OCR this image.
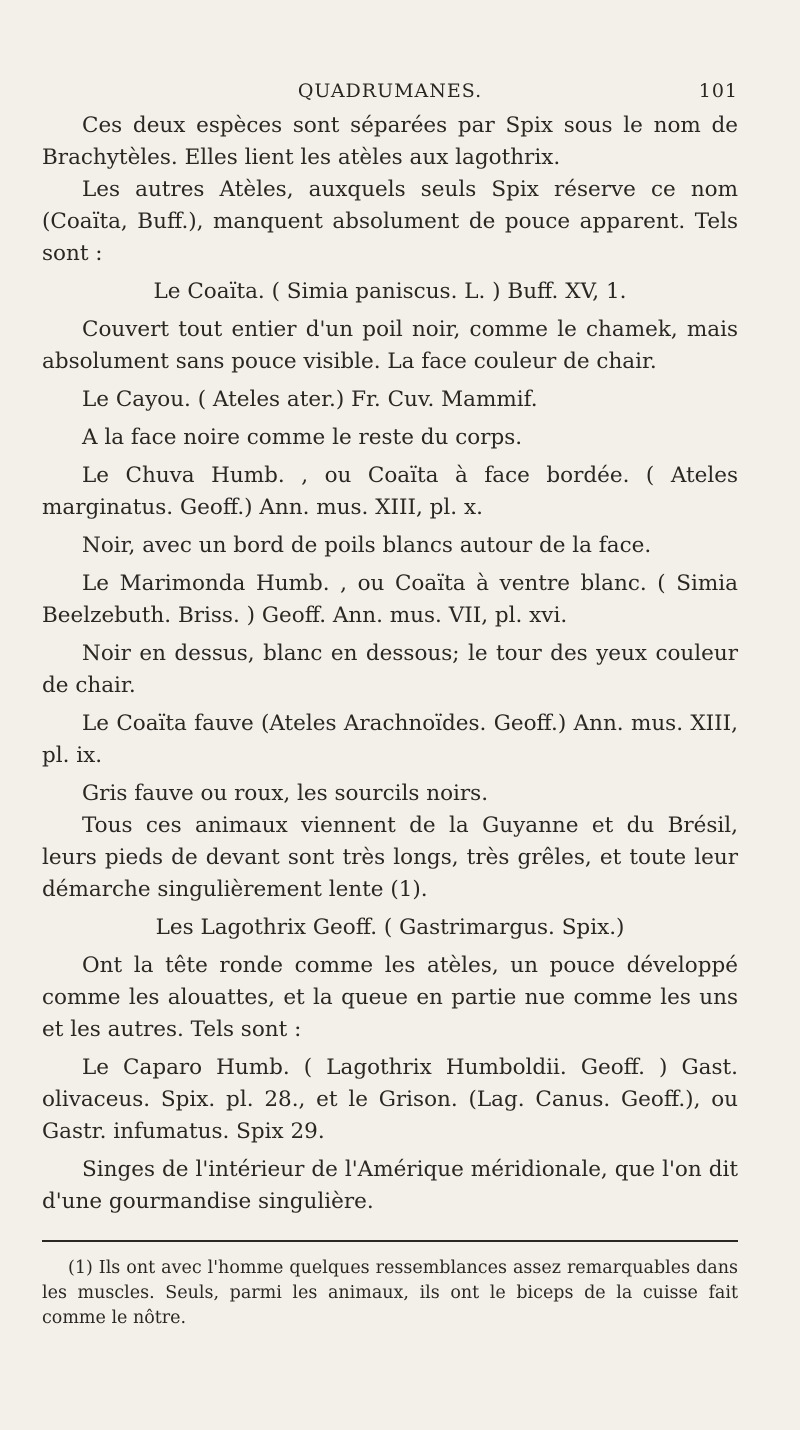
QUADRUMANES.	101

Ces deux espèces sont séparées par Spix sous le nom de Brachytèles. Elles lient les atèles aux lagothrix.

Les autres Atèles, auxquels seuls Spix réserve ce nom (Coaïta, Buff.), manquent absolument de pouce apparent. Tels sont :

Le Coaïta. ( Simia paniscus. L. ) Buff. XV, 1.

Couvert tout entier d'un poil noir, comme le chamek, mais absolument sans pouce visible. La face couleur de chair.

Le Cayou. ( Ateles ater.) Fr. Cuv. Mammif.

A la face noire comme le reste du corps.

Le Chuva Humb. , ou Coaïta à face bordée. ( Ateles marginatus. Geoff.) Ann. mus. XIII, pl. x.

Noir, avec un bord de poils blancs autour de la face.

Le Marimonda Humb. , ou Coaïta à ventre blanc. ( Simia Beelzebuth. Briss. ) Geoff. Ann. mus. VII, pl. xvi.

Noir en dessus, blanc en dessous; le tour des yeux couleur de chair.

Le Coaïta fauve (Ateles Arachnoïdes. Geoff.) Ann. mus. XIII, pl. ix.

Gris fauve ou roux, les sourcils noirs.

Tous ces animaux viennent de la Guyanne et du Brésil, leurs pieds de devant sont très longs, très grêles, et toute leur démarche singulièrement lente (1).

Les Lagothrix Geoff. ( Gastrimargus. Spix.)

Ont la tête ronde comme les atèles, un pouce développé comme les alouattes, et la queue en partie nue comme les uns et les autres. Tels sont :

Le Caparo Humb. ( Lagothrix Humboldii. Geoff. ) Gast. olivaceus. Spix. pl. 28., et le Grison. (Lag. Canus. Geoff.), ou Gastr. infumatus. Spix 29.

Singes de l'intérieur de l'Amérique méridionale, que l'on dit d'une gourmandise singulière.

(1) Ils ont avec l'homme quelques ressemblances assez remarquables dans les muscles. Seuls, parmi les animaux, ils ont le biceps de la cuisse fait comme le nôtre.
